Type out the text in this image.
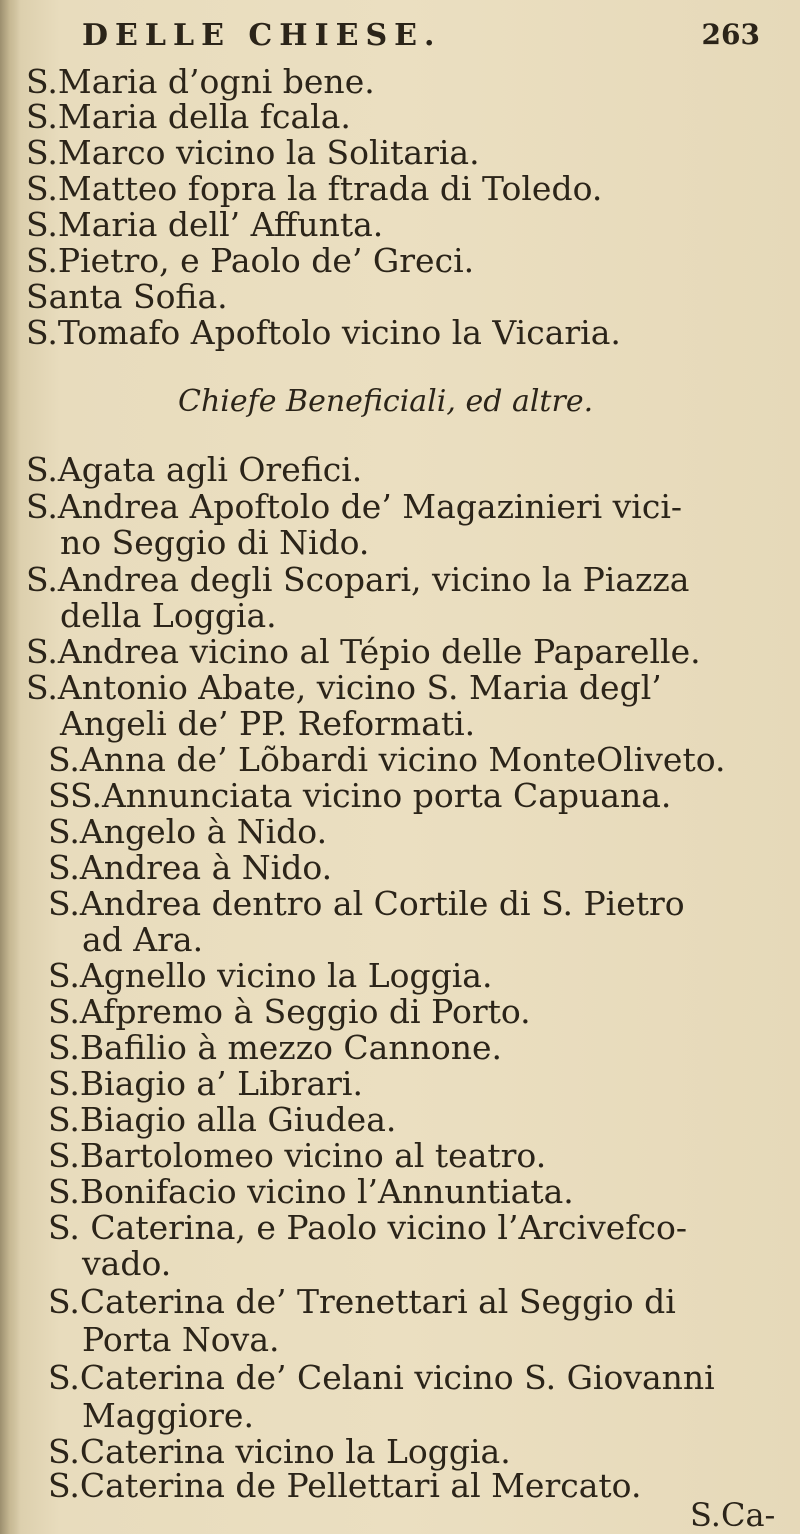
DELLE CHIESE.	263
S.Maria d’ogni bene.
S.Maria della fcala.
S.Marco vicino la Solitaria.
S.Matteo fopra la ftrada di Toledo.
S.Maria dell’ Affunta.
S.Pietro, e Paolo de’ Greci.
Santa Sofia.
S.Tomafo Apoftolo vicino la Vicaria.
Chiefe Beneficiali, ed altre.
S.Agata agli Orefici.
S.Andrea Apoftolo de’ Magazinieri vici-
no Seggio di Nido.
S.Andrea degli Scopari, vicino la Piazza
della Loggia.
S.Andrea vicino al Tépio delle Paparelle.
S.Antonio Abate, vicino S. Maria degl’
Angeli de’ PP. Reformati.
S.Anna de’ Lõbardi vicino MonteOliveto.
SS.Annunciata vicino porta Capuana.
S.Angelo à Nido.
S.Andrea à Nido.
S.Andrea dentro al Cortile di S. Pietro
ad Ara.
S.Agnello vicino la Loggia.
S.Afpremo à Seggio di Porto.
S.Bafilio à mezzo Cannone.
S.Biagio a’ Librari.
S.Biagio alla Giudea.
S.Bartolomeo vicino al teatro.
S.Bonifacio vicino l’Annuntiata.
S. Caterina, e Paolo vicino l’Arcivefco-
vado.
S.Caterina de’ Trenettari al Seggio di
Porta Nova.
S.Caterina de’ Celani vicino S. Giovanni
Maggiore.
S.Caterina vicino la Loggia.
S.Caterina de Pellettari al Mercato.
S.Ca-
